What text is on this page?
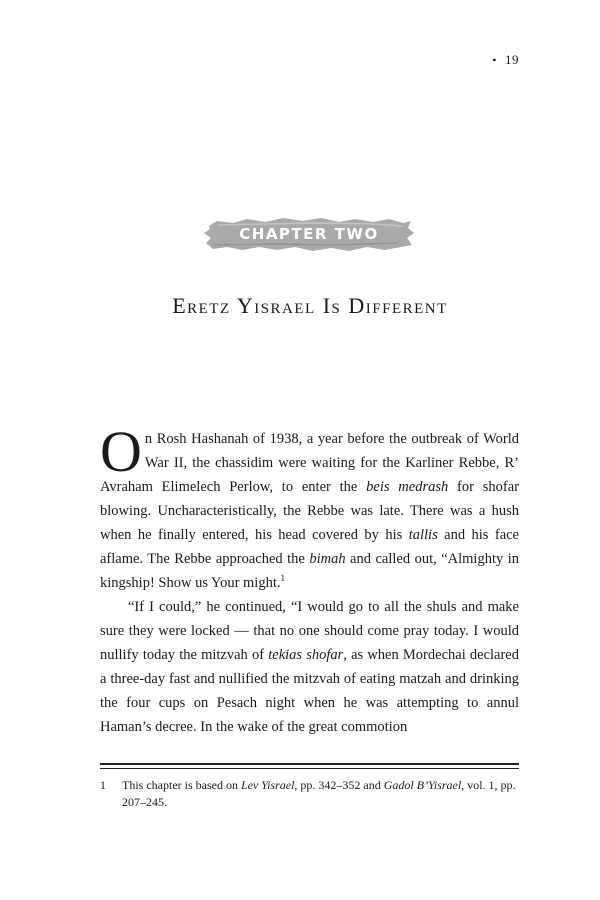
• 19
CHAPTER TWO
Eretz Yisrael Is Different

On Rosh Hashanah of 1938, a year before the outbreak of World War II, the chassidim were waiting for the Karliner Rebbe, R’ Avraham Elimelech Perlow, to enter the beis medrash for shofar blowing. Uncharacteristically, the Rebbe was late. There was a hush when he finally entered, his head covered by his tallis and his face aflame. The Rebbe approached the bimah and called out, “Almighty in kingship! Show us Your might.$^1$

“If I could,” he continued, “I would go to all the shuls and make sure they were locked — that no one should come pray today. I would nullify today the mitzvah of tekias shofar, as when Mordechai declared a three-day fast and nullified the mitzvah of eating matzah and drinking the four cups on Pesach night when he was attempting to annul Haman’s decree. In the wake of the great commotion

1 This chapter is based on Lev Yisrael, pp. 342–352 and Gadol B’Yisrael, vol. 1, pp. 207–245.
